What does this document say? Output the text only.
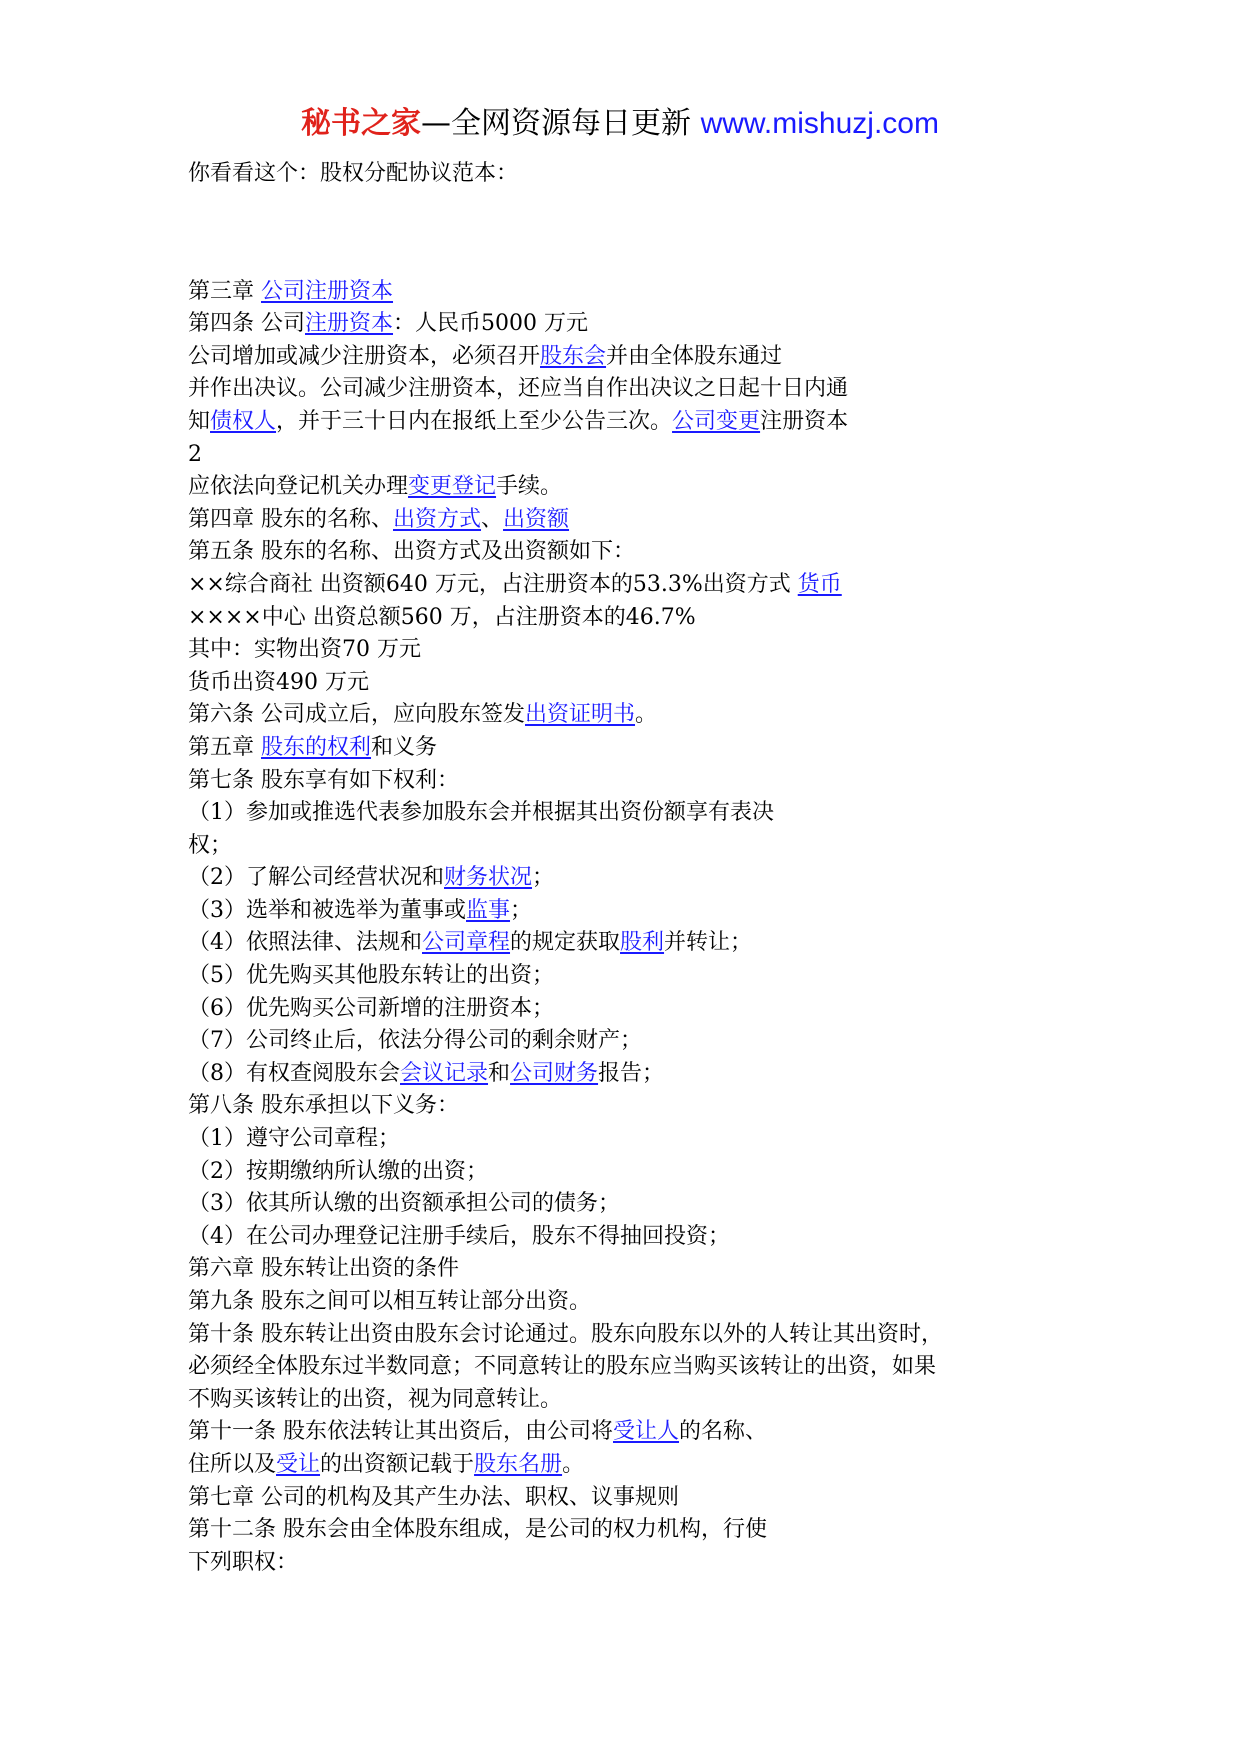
秘书之家—全网资源每日更新 www.mishuzj.com
你看看这个：股权分配协议范本：
第三章 公司注册资本
第四条 公司注册资本：人民币5000 万元
公司增加或减少注册资本，必须召开股东会并由全体股东通过
并作出决议。公司减少注册资本，还应当自作出决议之日起十日内通
知债权人，并于三十日内在报纸上至少公告三次。公司变更注册资本
2
应依法向登记机关办理变更登记手续。
第四章 股东的名称、出资方式、出资额
第五条 股东的名称、出资方式及出资额如下：
××综合商社 出资额640 万元，占注册资本的53.3%出资方式 货币
××××中心 出资总额560 万，占注册资本的46.7%
其中：实物出资70 万元
货币出资490 万元
第六条 公司成立后，应向股东签发出资证明书。
第五章 股东的权利和义务
第七条 股东享有如下权利：
（1）参加或推选代表参加股东会并根据其出资份额享有表决
权；
（2）了解公司经营状况和财务状况；
（3）选举和被选举为董事或监事；
（4）依照法律、法规和公司章程的规定获取股利并转让；
（5）优先购买其他股东转让的出资；
（6）优先购买公司新增的注册资本；
（7）公司终止后，依法分得公司的剩余财产；
（8）有权查阅股东会会议记录和公司财务报告；
第八条 股东承担以下义务：
（1）遵守公司章程；
（2）按期缴纳所认缴的出资；
（3）依其所认缴的出资额承担公司的债务；
（4）在公司办理登记注册手续后，股东不得抽回投资；
第六章 股东转让出资的条件
第九条 股东之间可以相互转让部分出资。
第十条 股东转让出资由股东会讨论通过。股东向股东以外的人转让其出资时，
必须经全体股东过半数同意；不同意转让的股东应当购买该转让的出资，如果
不购买该转让的出资，视为同意转让。
第十一条 股东依法转让其出资后，由公司将受让人的名称、
住所以及受让的出资额记载于股东名册。
第七章 公司的机构及其产生办法、职权、议事规则
第十二条 股东会由全体股东组成，是公司的权力机构，行使
下列职权：
